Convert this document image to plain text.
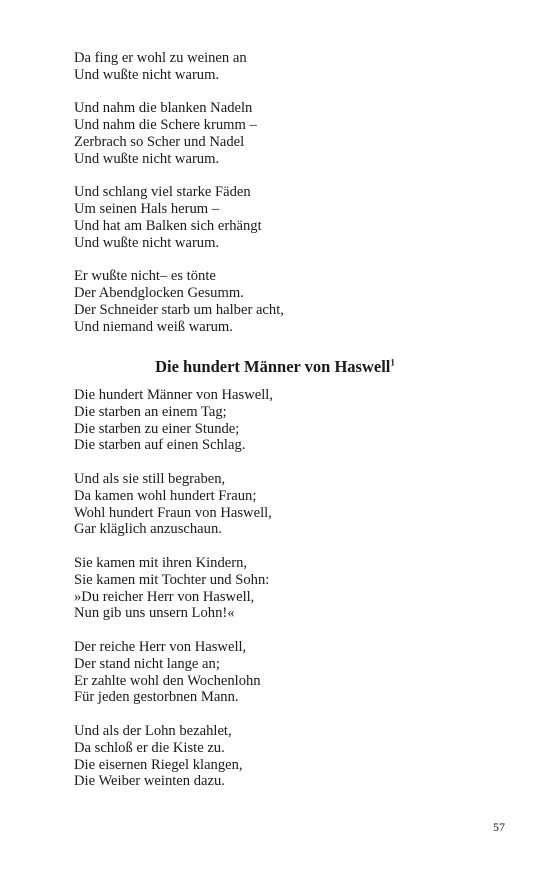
Da fing er wohl zu weinen an
Und wußte nicht warum.
Und nahm die blanken Nadeln
Und nahm die Schere krumm –
Zerbrach so Scher und Nadel
Und wußte nicht warum.
Und schlang viel starke Fäden
Um seinen Hals herum –
Und hat am Balken sich erhängt
Und wußte nicht warum.
Er wußte nicht– es tönte
Der Abendglocken Gesumm.
Der Schneider starb um halber acht,
Und niemand weiß warum.
Die hundert Männer von Haswell$^1$
Die hundert Männer von Haswell,
Die starben an einem Tag;
Die starben zu einer Stunde;
Die starben auf einen Schlag.
Und als sie still begraben,
Da kamen wohl hundert Fraun;
Wohl hundert Fraun von Haswell,
Gar kläglich anzuschaun.
Sie kamen mit ihren Kindern,
Sie kamen mit Tochter und Sohn:
»Du reicher Herr von Haswell,
Nun gib uns unsern Lohn!«
Der reiche Herr von Haswell,
Der stand nicht lange an;
Er zahlte wohl den Wochenlohn
Für jeden gestorbnen Mann.
Und als der Lohn bezahlet,
Da schloß er die Kiste zu.
Die eisernen Riegel klangen,
Die Weiber weinten dazu.
57
